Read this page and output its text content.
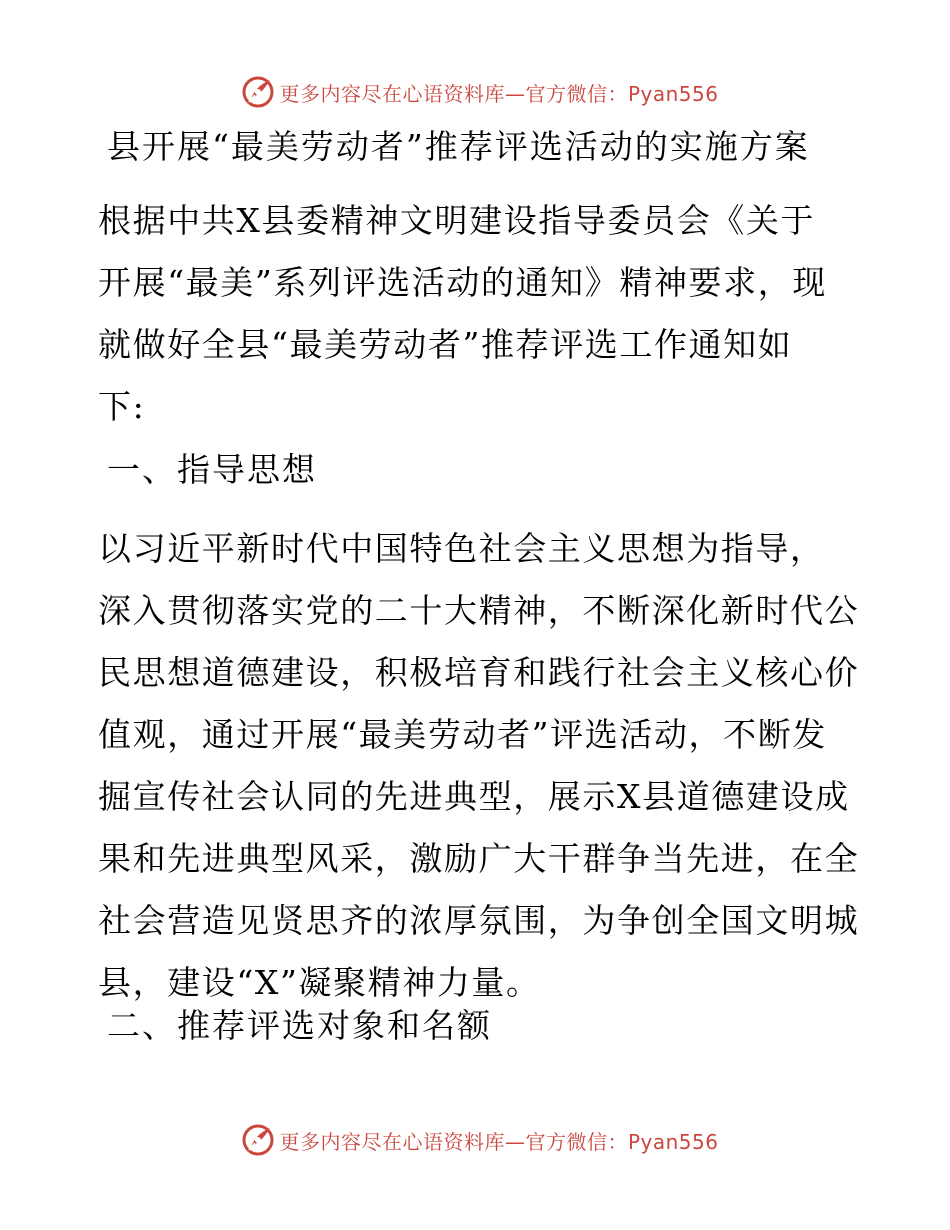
更多内容尽在心语资料库—官方微信：Pyan556
县开展“最美劳动者”推荐评选活动的实施方案
根据中共X县委精神文明建设指导委员会《关于
开展“最美”系列评选活动的通知》精神要求，现
就做好全县“最美劳动者”推荐评选工作通知如
下:
一、指导思想
以习近平新时代中国特色社会主义思想为指导，
深入贯彻落实党的二十大精神，不断深化新时代公
民思想道德建设，积极培育和践行社会主义核心价
值观，通过开展“最美劳动者”评选活动，不断发
掘宣传社会认同的先进典型，展示X县道德建设成
果和先进典型风采，激励广大干群争当先进，在全
社会营造见贤思齐的浓厚氛围，为争创全国文明城
县，建设“X”凝聚精神力量。
二、推荐评选对象和名额
更多内容尽在心语资料库—官方微信：Pyan556
